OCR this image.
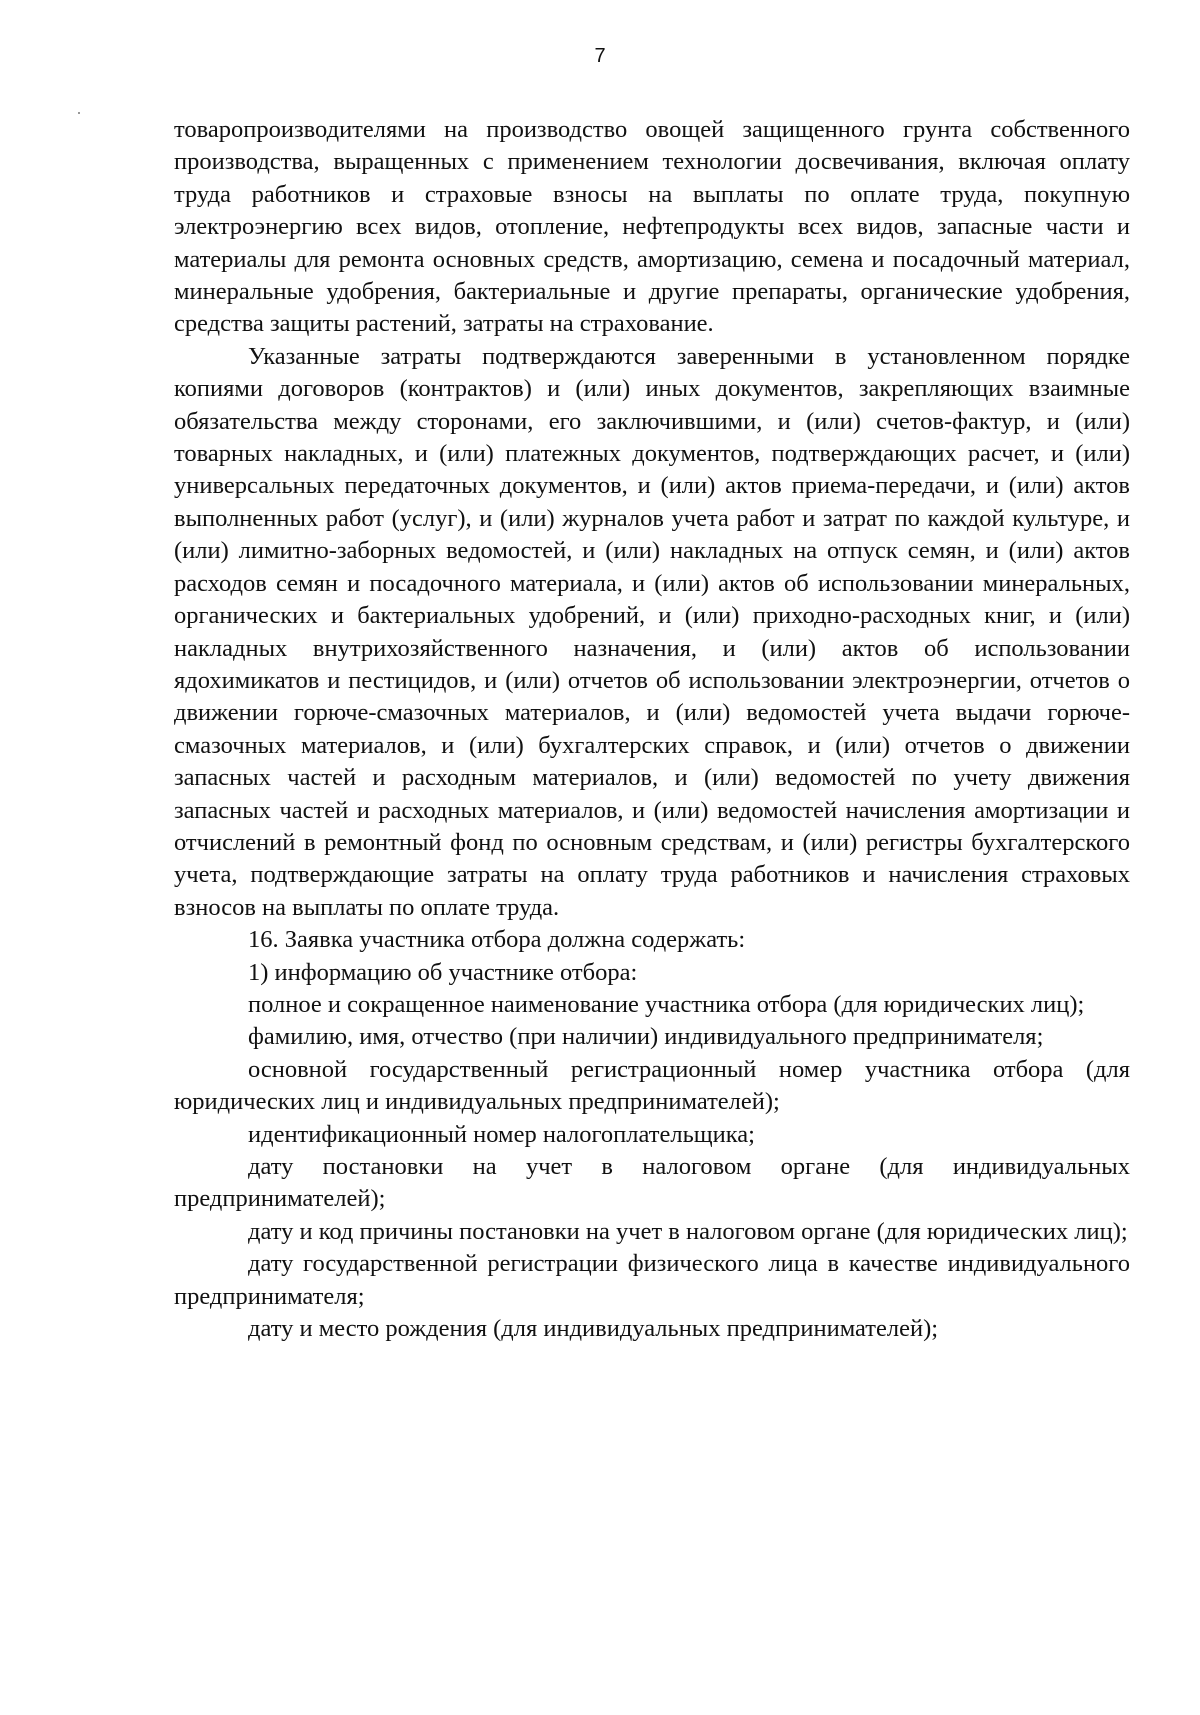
7

товаропроизводителями на производство овощей защищенного грунта собственного производства, выращенных с применением технологии досвечивания, включая оплату труда работников и страховые взносы на выплаты по оплате труда, покупную электроэнергию всех видов, отопление, нефтепродукты всех видов, запасные части и материалы для ремонта основных средств, амортизацию, семена и посадочный материал, минеральные удобрения, бактериальные и другие препараты, органические удобрения, средства защиты растений, затраты на страхование.

Указанные затраты подтверждаются заверенными в установленном порядке копиями договоров (контрактов) и (или) иных документов, закрепляющих взаимные обязательства между сторонами, его заключившими, и (или) счетов-фактур, и (или) товарных накладных, и (или) платежных документов, подтверждающих расчет, и (или) универсальных передаточных документов, и (или) актов приема-передачи, и (или) актов выполненных работ (услуг), и (или) журналов учета работ и затрат по каждой культуре, и (или) лимитно-заборных ведомостей, и (или) накладных на отпуск семян, и (или) актов расходов семян и посадочного материала, и (или) актов об использовании минеральных, органических и бактериальных удобрений, и (или) приходно-расходных книг, и (или) накладных внутрихозяйственного назначения, и (или) актов об использовании ядохимикатов и пестицидов, и (или) отчетов об использовании электроэнергии, отчетов о движении горюче-смазочных материалов, и (или) ведомостей учета выдачи горюче-смазочных материалов, и (или) бухгалтерских справок, и (или) отчетов о движении запасных частей и расходным материалов, и (или) ведомостей по учету движения запасных частей и расходных материалов, и (или) ведомостей начисления амортизации и отчислений в ремонтный фонд по основным средствам, и (или) регистры бухгалтерского учета, подтверждающие затраты на оплату труда работников и начисления страховых взносов на выплаты по оплате труда.

16. Заявка участника отбора должна содержать:

1) информацию об участнике отбора:

полное и сокращенное наименование участника отбора (для юридических лиц);

фамилию, имя, отчество (при наличии) индивидуального предпринимателя;

основной государственный регистрационный номер участника отбора (для юридических лиц и индивидуальных предпринимателей);

идентификационный номер налогоплательщика;

дату постановки на учет в налоговом органе (для индивидуальных предпринимателей);

дату и код причины постановки на учет в налоговом органе (для юридических лиц);

дату государственной регистрации физического лица в качестве индивидуального предпринимателя;

дату и место рождения (для индивидуальных предпринимателей);
